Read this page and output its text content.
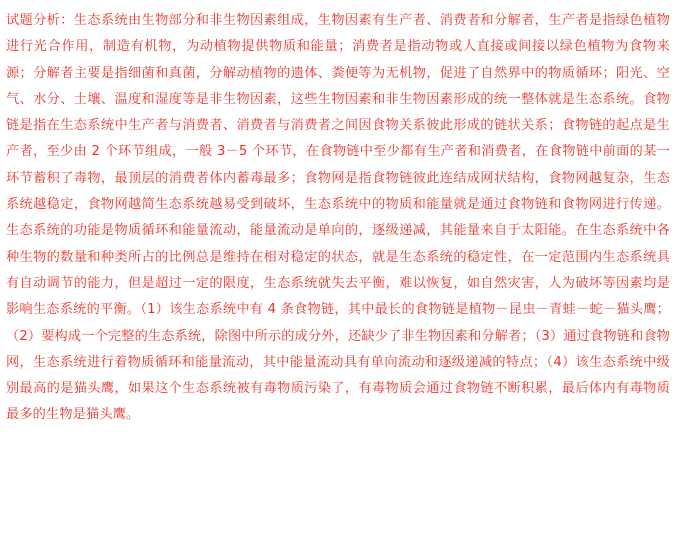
试题分析：生态系统由生物部分和非生物因素组成，生物因素有生产者、消费者和分解者，生产者是指绿色植物进行光合作用，制造有机物，为动植物提供物质和能量；消费者是指动物或人直接或间接以绿色植物为食物来源；分解者主要是指细菌和真菌，分解动植物的遗体、粪便等为无机物，促进了自然界中的物质循环；阳光、空气、水分、土壤、温度和湿度等是非生物因素，这些生物因素和非生物因素形成的统一整体就是生态系统。食物链是指在生态系统中生产者与消费者、消费者与消费者之间因食物关系彼此形成的链状关系；食物链的起点是生产者，至少由 2 个环节组成，一般 3－5 个环节，在食物链中至少都有生产者和消费者，在食物链中前面的某一环节蓄积了毒物，最顶层的消费者体内蓄毒最多；食物网是指食物链彼此连结成网状结构，食物网越复杂，生态系统越稳定，食物网越简生态系统越易受到破坏，生态系统中的物质和能量就是通过食物链和食物网进行传递。生态系统的功能是物质循环和能量流动，能量流动是单向的，逐级递减，其能量来自于太阳能。在生态系统中各种生物的数量和种类所占的比例总是维持在相对稳定的状态，就是生态系统的稳定性，在一定范围内生态系统具有自动调节的能力，但是超过一定的限度，生态系统就失去平衡，难以恢复，如自然灾害，人为破坏等因素均是影响生态系统的平衡。（1）该生态系统中有 4 条食物链，其中最长的食物链是植物－昆虫－青蛙－蛇－猫头鹰；（2）要构成一个完整的生态系统，除图中所示的成分外，还缺少了非生物因素和分解者；（3）通过食物链和食物网，生态系统进行着物质循环和能量流动，其中能量流动具有单向流动和逐级递减的特点；（4）该生态系统中级别最高的是猫头鹰，如果这个生态系统被有毒物质污染了，有毒物质会通过食物链不断积累，最后体内有毒物质最多的生物是猫头鹰。
